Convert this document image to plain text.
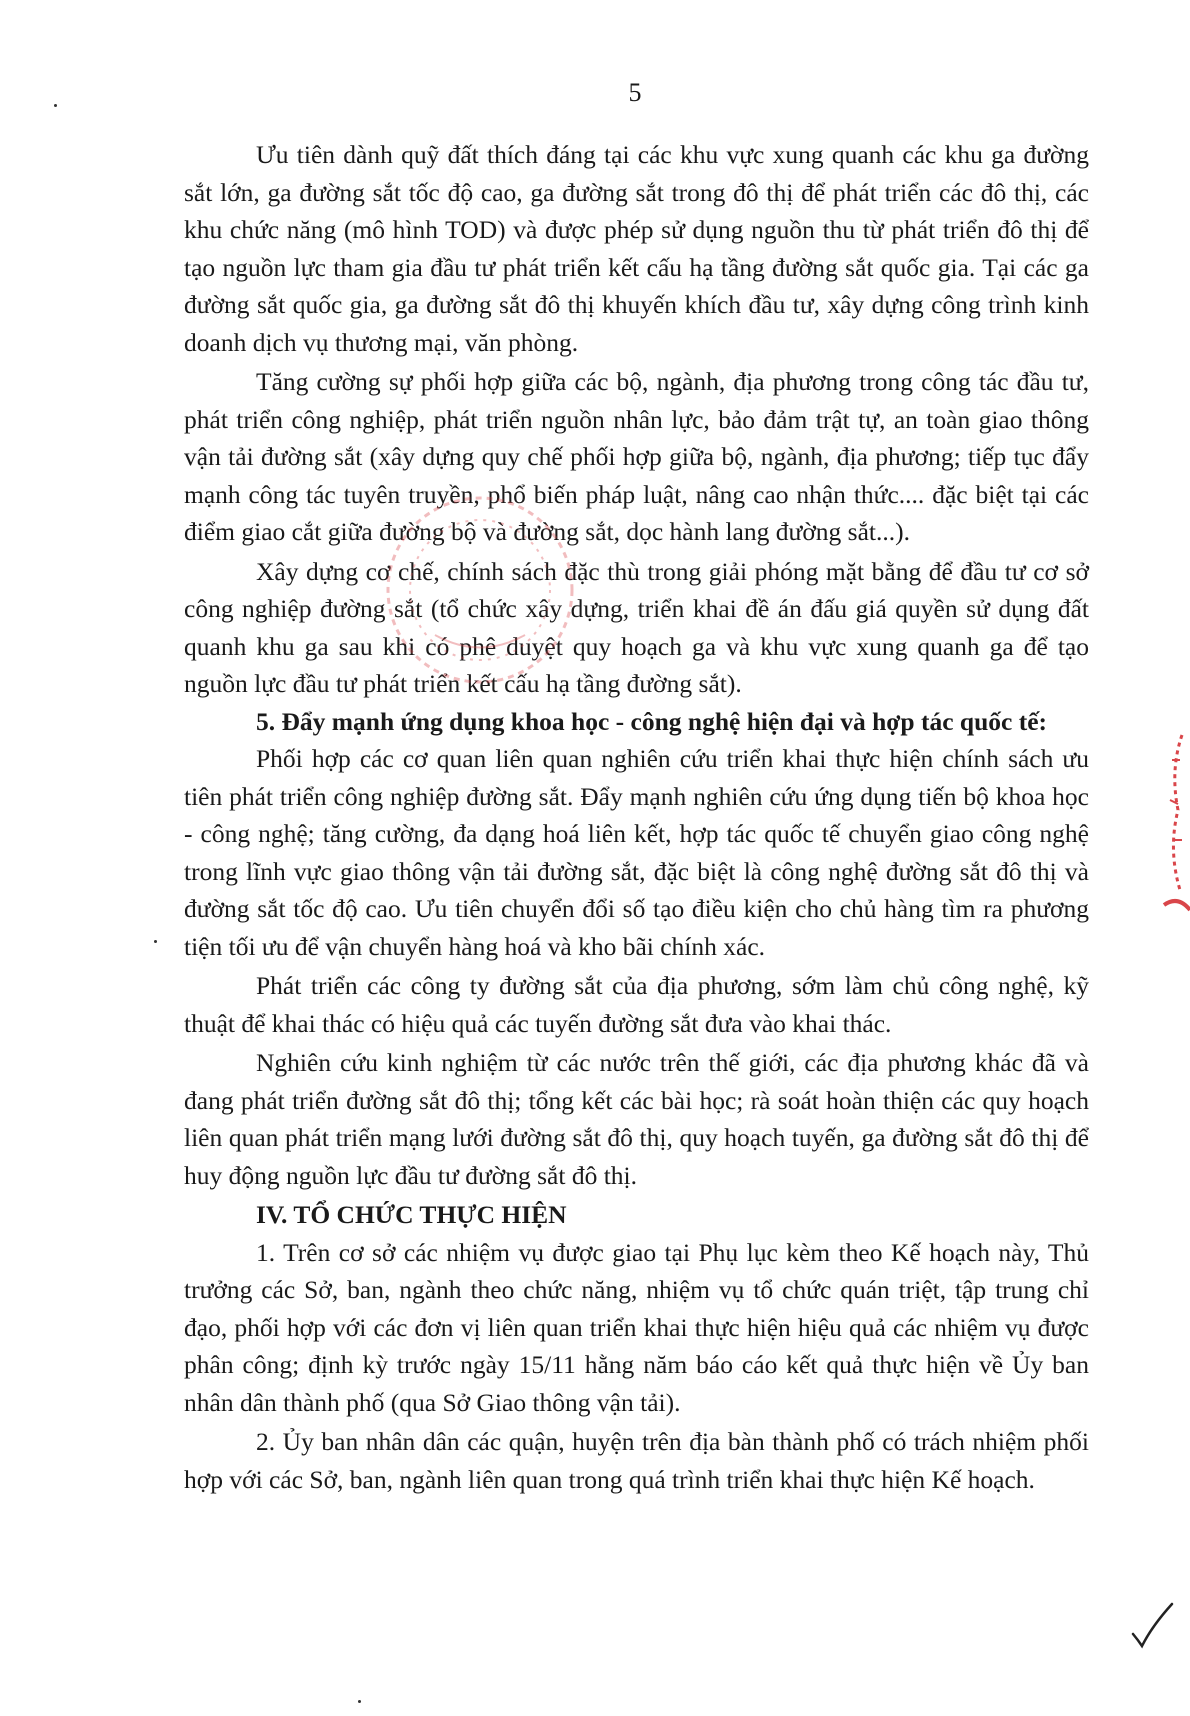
5

Ưu tiên dành quỹ đất thích đáng tại các khu vực xung quanh các khu ga đường sắt lớn, ga đường sắt tốc độ cao, ga đường sắt trong đô thị để phát triển các đô thị, các khu chức năng (mô hình TOD) và được phép sử dụng nguồn thu từ phát triển đô thị để tạo nguồn lực tham gia đầu tư phát triển kết cấu hạ tầng đường sắt quốc gia. Tại các ga đường sắt quốc gia, ga đường sắt đô thị khuyến khích đầu tư, xây dựng công trình kinh doanh dịch vụ thương mại, văn phòng.

Tăng cường sự phối hợp giữa các bộ, ngành, địa phương trong công tác đầu tư, phát triển công nghiệp, phát triển nguồn nhân lực, bảo đảm trật tự, an toàn giao thông vận tải đường sắt (xây dựng quy chế phối hợp giữa bộ, ngành, địa phương; tiếp tục đẩy mạnh công tác tuyên truyền, phổ biến pháp luật, nâng cao nhận thức.... đặc biệt tại các điểm giao cắt giữa đường bộ và đường sắt, dọc hành lang đường sắt...).

Xây dựng cơ chế, chính sách đặc thù trong giải phóng mặt bằng để đầu tư cơ sở công nghiệp đường sắt (tổ chức xây dựng, triển khai đề án đấu giá quyền sử dụng đất quanh khu ga sau khi có phê duyệt quy hoạch ga và khu vực xung quanh ga để tạo nguồn lực đầu tư phát triển kết cấu hạ tầng đường sắt).

5. Đẩy mạnh ứng dụng khoa học - công nghệ hiện đại và hợp tác quốc tế:

Phối hợp các cơ quan liên quan nghiên cứu triển khai thực hiện chính sách ưu tiên phát triển công nghiệp đường sắt. Đẩy mạnh nghiên cứu ứng dụng tiến bộ khoa học - công nghệ; tăng cường, đa dạng hoá liên kết, hợp tác quốc tế chuyển giao công nghệ trong lĩnh vực giao thông vận tải đường sắt, đặc biệt là công nghệ đường sắt đô thị và đường sắt tốc độ cao. Ưu tiên chuyển đổi số tạo điều kiện cho chủ hàng tìm ra phương tiện tối ưu để vận chuyển hàng hoá và kho bãi chính xác.

Phát triển các công ty đường sắt của địa phương, sớm làm chủ công nghệ, kỹ thuật để khai thác có hiệu quả các tuyến đường sắt đưa vào khai thác.

Nghiên cứu kinh nghiệm từ các nước trên thế giới, các địa phương khác đã và đang phát triển đường sắt đô thị; tổng kết các bài học; rà soát hoàn thiện các quy hoạch liên quan phát triển mạng lưới đường sắt đô thị, quy hoạch tuyến, ga đường sắt đô thị để huy động nguồn lực đầu tư đường sắt đô thị.

IV. TỔ CHỨC THỰC HIỆN

1. Trên cơ sở các nhiệm vụ được giao tại Phụ lục kèm theo Kế hoạch này, Thủ trưởng các Sở, ban, ngành theo chức năng, nhiệm vụ tổ chức quán triệt, tập trung chỉ đạo, phối hợp với các đơn vị liên quan triển khai thực hiện hiệu quả các nhiệm vụ được phân công; định kỳ trước ngày 15/11 hằng năm báo cáo kết quả thực hiện về Ủy ban nhân dân thành phố (qua Sở Giao thông vận tải).

2. Ủy ban nhân dân các quận, huyện trên địa bàn thành phố có trách nhiệm phối hợp với các Sở, ban, ngành liên quan trong quá trình triển khai thực hiện Kế hoạch.
